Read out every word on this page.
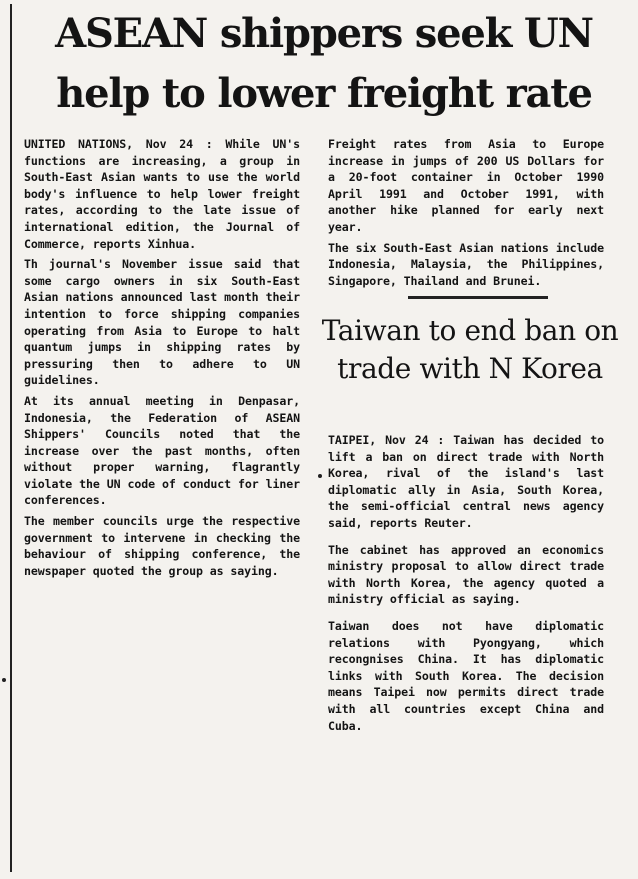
ASEAN shippers seek UN
help to lower freight rate

UNITED NATIONS, Nov 24 : While UN's functions are increasing, a group in South-East Asian wants to use the world body's influence to help lower freight rates, according to the late issue of international edition, the Journal of Commerce, reports Xinhua.

Th journal's November issue said that some cargo owners in six South-East Asian nations announced last month their intention to force shipping companies operating from Asia to Europe to halt quantum jumps in shipping rates by pressuring then to adhere to UN guidelines.

At its annual meeting in Denpasar, Indonesia, the Federation of ASEAN Shippers' Councils noted that the increase over the past months, often without proper warning, flagrantly violate the UN code of conduct for liner conferences.

The member councils urge the respective government to intervene in checking the behaviour of shipping conference, the newspaper quoted the group as saying.

Freight rates from Asia to Europe increase in jumps of 200 US Dollars for a 20-foot container in October 1990 April 1991 and October 1991, with another hike planned for early next year.

The six South-East Asian nations include Indonesia, Malaysia, the Philippines, Singapore, Thailand and Brunei.

Taiwan to end ban on trade with N Korea

TAIPEI, Nov 24 : Taiwan has decided to lift a ban on direct trade with North Korea, rival of the island's last diplomatic ally in Asia, South Korea, the semi-official central news agency said, reports Reuter.

The cabinet has approved an economics ministry proposal to allow direct trade with North Korea, the agency quoted a ministry official as saying.

Taiwan does not have diplomatic relations with Pyongyang, which recongnises China. It has diplomatic links with South Korea. The decision means Taipei now permits direct trade with all countries except China and Cuba.
